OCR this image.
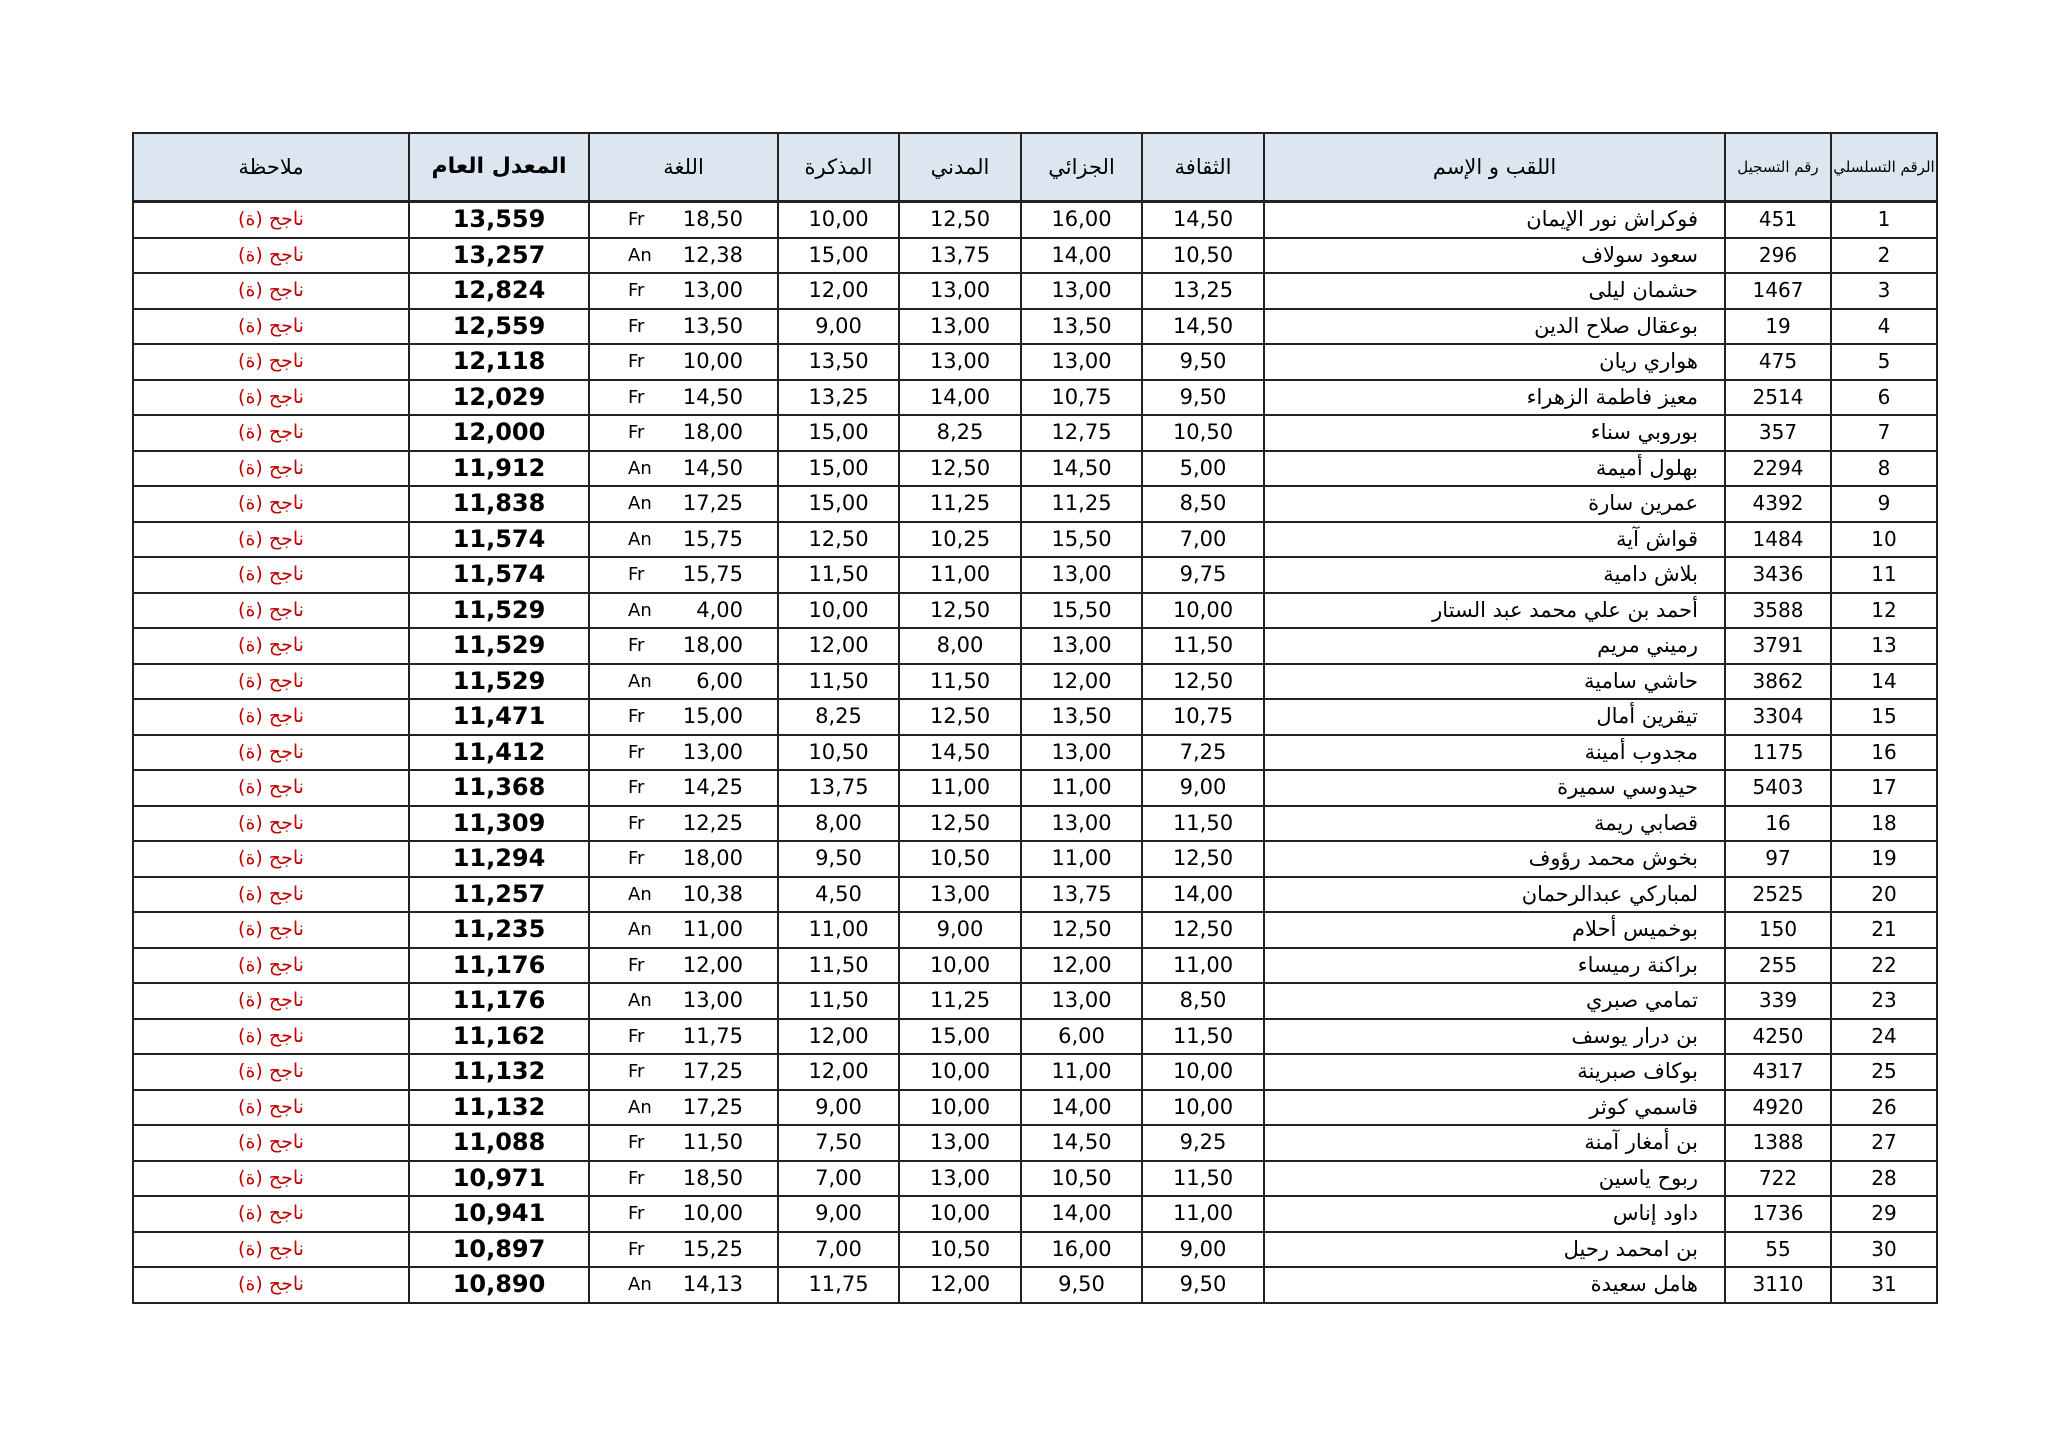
ملاحظة	المعدل العام	اللغة	المذكرة	المدني	الجزائي	الثقافة	اللقب و الإسم	رقم التسجيل	الرقم التسلسلي
ناجح (ة)	13,559	Fr 18,50	10,00	12,50	16,00	14,50	فوكراش نور الإيمان	451	1
ناجح (ة)	13,257	An 12,38	15,00	13,75	14,00	10,50	سعود سولاف	296	2
ناجح (ة)	12,824	Fr 13,00	12,00	13,00	13,00	13,25	حشمان ليلى	1467	3
ناجح (ة)	12,559	Fr 13,50	9,00	13,00	13,50	14,50	بوعقال صلاح الدين	19	4
ناجح (ة)	12,118	Fr 10,00	13,50	13,00	13,00	9,50	هواري ريان	475	5
ناجح (ة)	12,029	Fr 14,50	13,25	14,00	10,75	9,50	معيز فاطمة الزهراء	2514	6
ناجح (ة)	12,000	Fr 18,00	15,00	8,25	12,75	10,50	بوروبي سناء	357	7
ناجح (ة)	11,912	An 14,50	15,00	12,50	14,50	5,00	بهلول أميمة	2294	8
ناجح (ة)	11,838	An 17,25	15,00	11,25	11,25	8,50	عمرين سارة	4392	9
ناجح (ة)	11,574	An 15,75	12,50	10,25	15,50	7,00	قواش آية	1484	10
ناجح (ة)	11,574	Fr 15,75	11,50	11,00	13,00	9,75	بلاش دامية	3436	11
ناجح (ة)	11,529	An 4,00	10,00	12,50	15,50	10,00	أحمد بن علي محمد عبد الستار	3588	12
ناجح (ة)	11,529	Fr 18,00	12,00	8,00	13,00	11,50	رميني مريم	3791	13
ناجح (ة)	11,529	An 6,00	11,50	11,50	12,00	12,50	حاشي سامية	3862	14
ناجح (ة)	11,471	Fr 15,00	8,25	12,50	13,50	10,75	تيقرين أمال	3304	15
ناجح (ة)	11,412	Fr 13,00	10,50	14,50	13,00	7,25	مجدوب أمينة	1175	16
ناجح (ة)	11,368	Fr 14,25	13,75	11,00	11,00	9,00	حيدوسي سميرة	5403	17
ناجح (ة)	11,309	Fr 12,25	8,00	12,50	13,00	11,50	قصابي ريمة	16	18
ناجح (ة)	11,294	Fr 18,00	9,50	10,50	11,00	12,50	بخوش محمد رؤوف	97	19
ناجح (ة)	11,257	An 10,38	4,50	13,00	13,75	14,00	لمباركي عبدالرحمان	2525	20
ناجح (ة)	11,235	An 11,00	11,00	9,00	12,50	12,50	بوخميس أحلام	150	21
ناجح (ة)	11,176	Fr 12,00	11,50	10,00	12,00	11,00	براكنة رميساء	255	22
ناجح (ة)	11,176	An 13,00	11,50	11,25	13,00	8,50	تمامي صبري	339	23
ناجح (ة)	11,162	Fr 11,75	12,00	15,00	6,00	11,50	بن درار يوسف	4250	24
ناجح (ة)	11,132	Fr 17,25	12,00	10,00	11,00	10,00	بوكاف صبرينة	4317	25
ناجح (ة)	11,132	An 17,25	9,00	10,00	14,00	10,00	قاسمي كوثر	4920	26
ناجح (ة)	11,088	Fr 11,50	7,50	13,00	14,50	9,25	بن أمغار آمنة	1388	27
ناجح (ة)	10,971	Fr 18,50	7,00	13,00	10,50	11,50	ربوح ياسين	722	28
ناجح (ة)	10,941	Fr 10,00	9,00	10,00	14,00	11,00	داود إناس	1736	29
ناجح (ة)	10,897	Fr 15,25	7,00	10,50	16,00	9,00	بن امحمد رحيل	55	30
ناجح (ة)	10,890	An 14,13	11,75	12,00	9,50	9,50	هامل سعيدة	3110	31
